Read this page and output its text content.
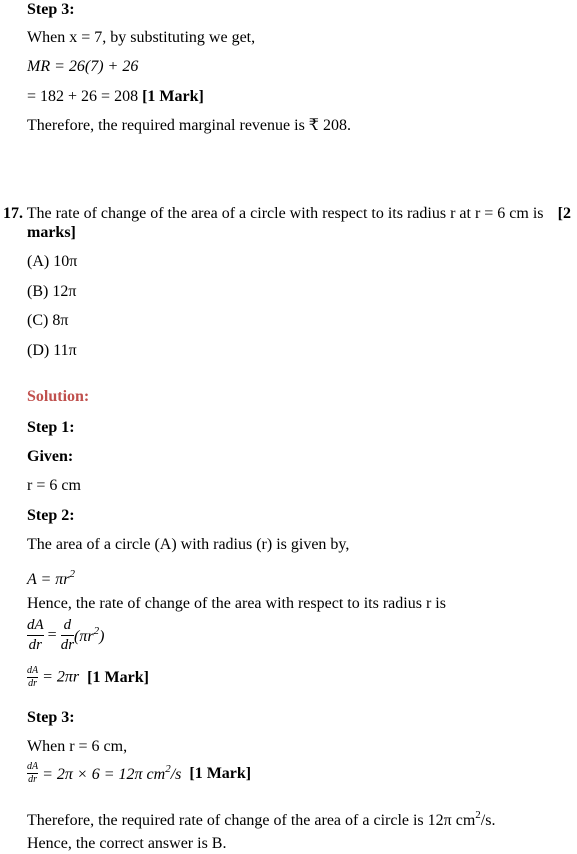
Step 3:
When x = 7, by substituting we get,
MR = 26(7) + 26
= 182 + 26 = 208 [1 Mark]
Therefore, the required marginal revenue is ₹ 208.
17. The rate of change of the area of a circle with respect to its radius r at r = 6 cm is [2
marks]
(A) 10π
(B) 12π
(C) 8π
(D) 11π
Solution:
Step 1:
Given:
r = 6 cm
Step 2:
The area of a circle (A) with radius (r) is given by,
$A = \pi r^2$
Hence, the rate of change of the area with respect to its radius r is
$\frac{dA}{dr} = \frac{d}{dr} (\pi r^2)$
$\frac{dA}{dr} = 2\pi r$ [1 Mark]
Step 3:
When r = 6 cm,
$\frac{dA}{dr} = 2\pi \times 6 = 12\pi$ $cm^2/s$ [1 Mark]
Therefore, the required rate of change of the area of a circle is 12π $cm^2/s$.
Hence, the correct answer is B.
